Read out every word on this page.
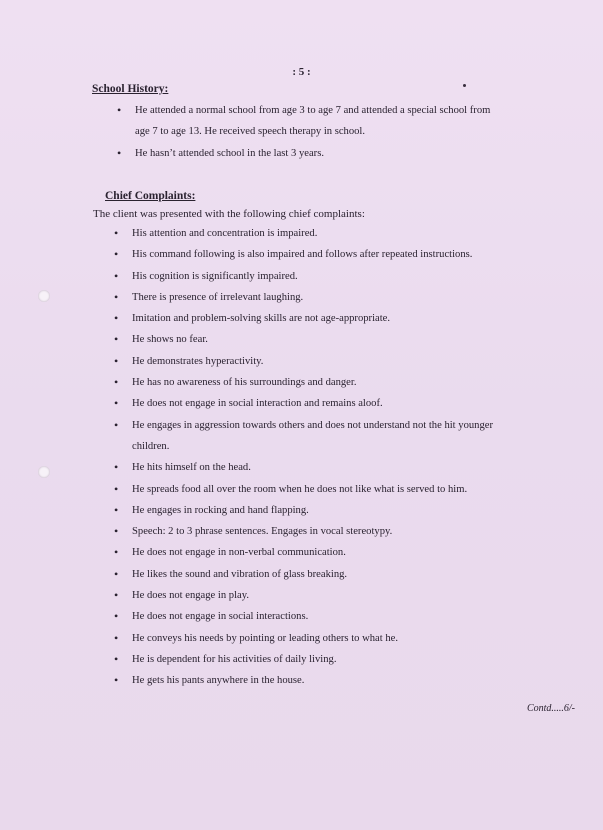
: 5 :
School History:
• He attended a normal school from age 3 to age 7 and attended a special school from
age 7 to age 13. He received speech therapy in school.
• He hasn’t attended school in the last 3 years.
Chief Complaints:
The client was presented with the following chief complaints:
• His attention and concentration is impaired.
• His command following is also impaired and follows after repeated instructions.
• His cognition is significantly impaired.
• There is presence of irrelevant laughing.
• Imitation and problem-solving skills are not age-appropriate.
• He shows no fear.
• He demonstrates hyperactivity.
• He has no awareness of his surroundings and danger.
• He does not engage in social interaction and remains aloof.
• He engages in aggression towards others and does not understand not the hit younger
children.
• He hits himself on the head.
• He spreads food all over the room when he does not like what is served to him.
• He engages in rocking and hand flapping.
• Speech: 2 to 3 phrase sentences. Engages in vocal stereotypy.
• He does not engage in non-verbal communication.
• He likes the sound and vibration of glass breaking.
• He does not engage in play.
• He does not engage in social interactions.
• He conveys his needs by pointing or leading others to what he.
• He is dependent for his activities of daily living.
• He gets his pants anywhere in the house.
Contd.....6/-
